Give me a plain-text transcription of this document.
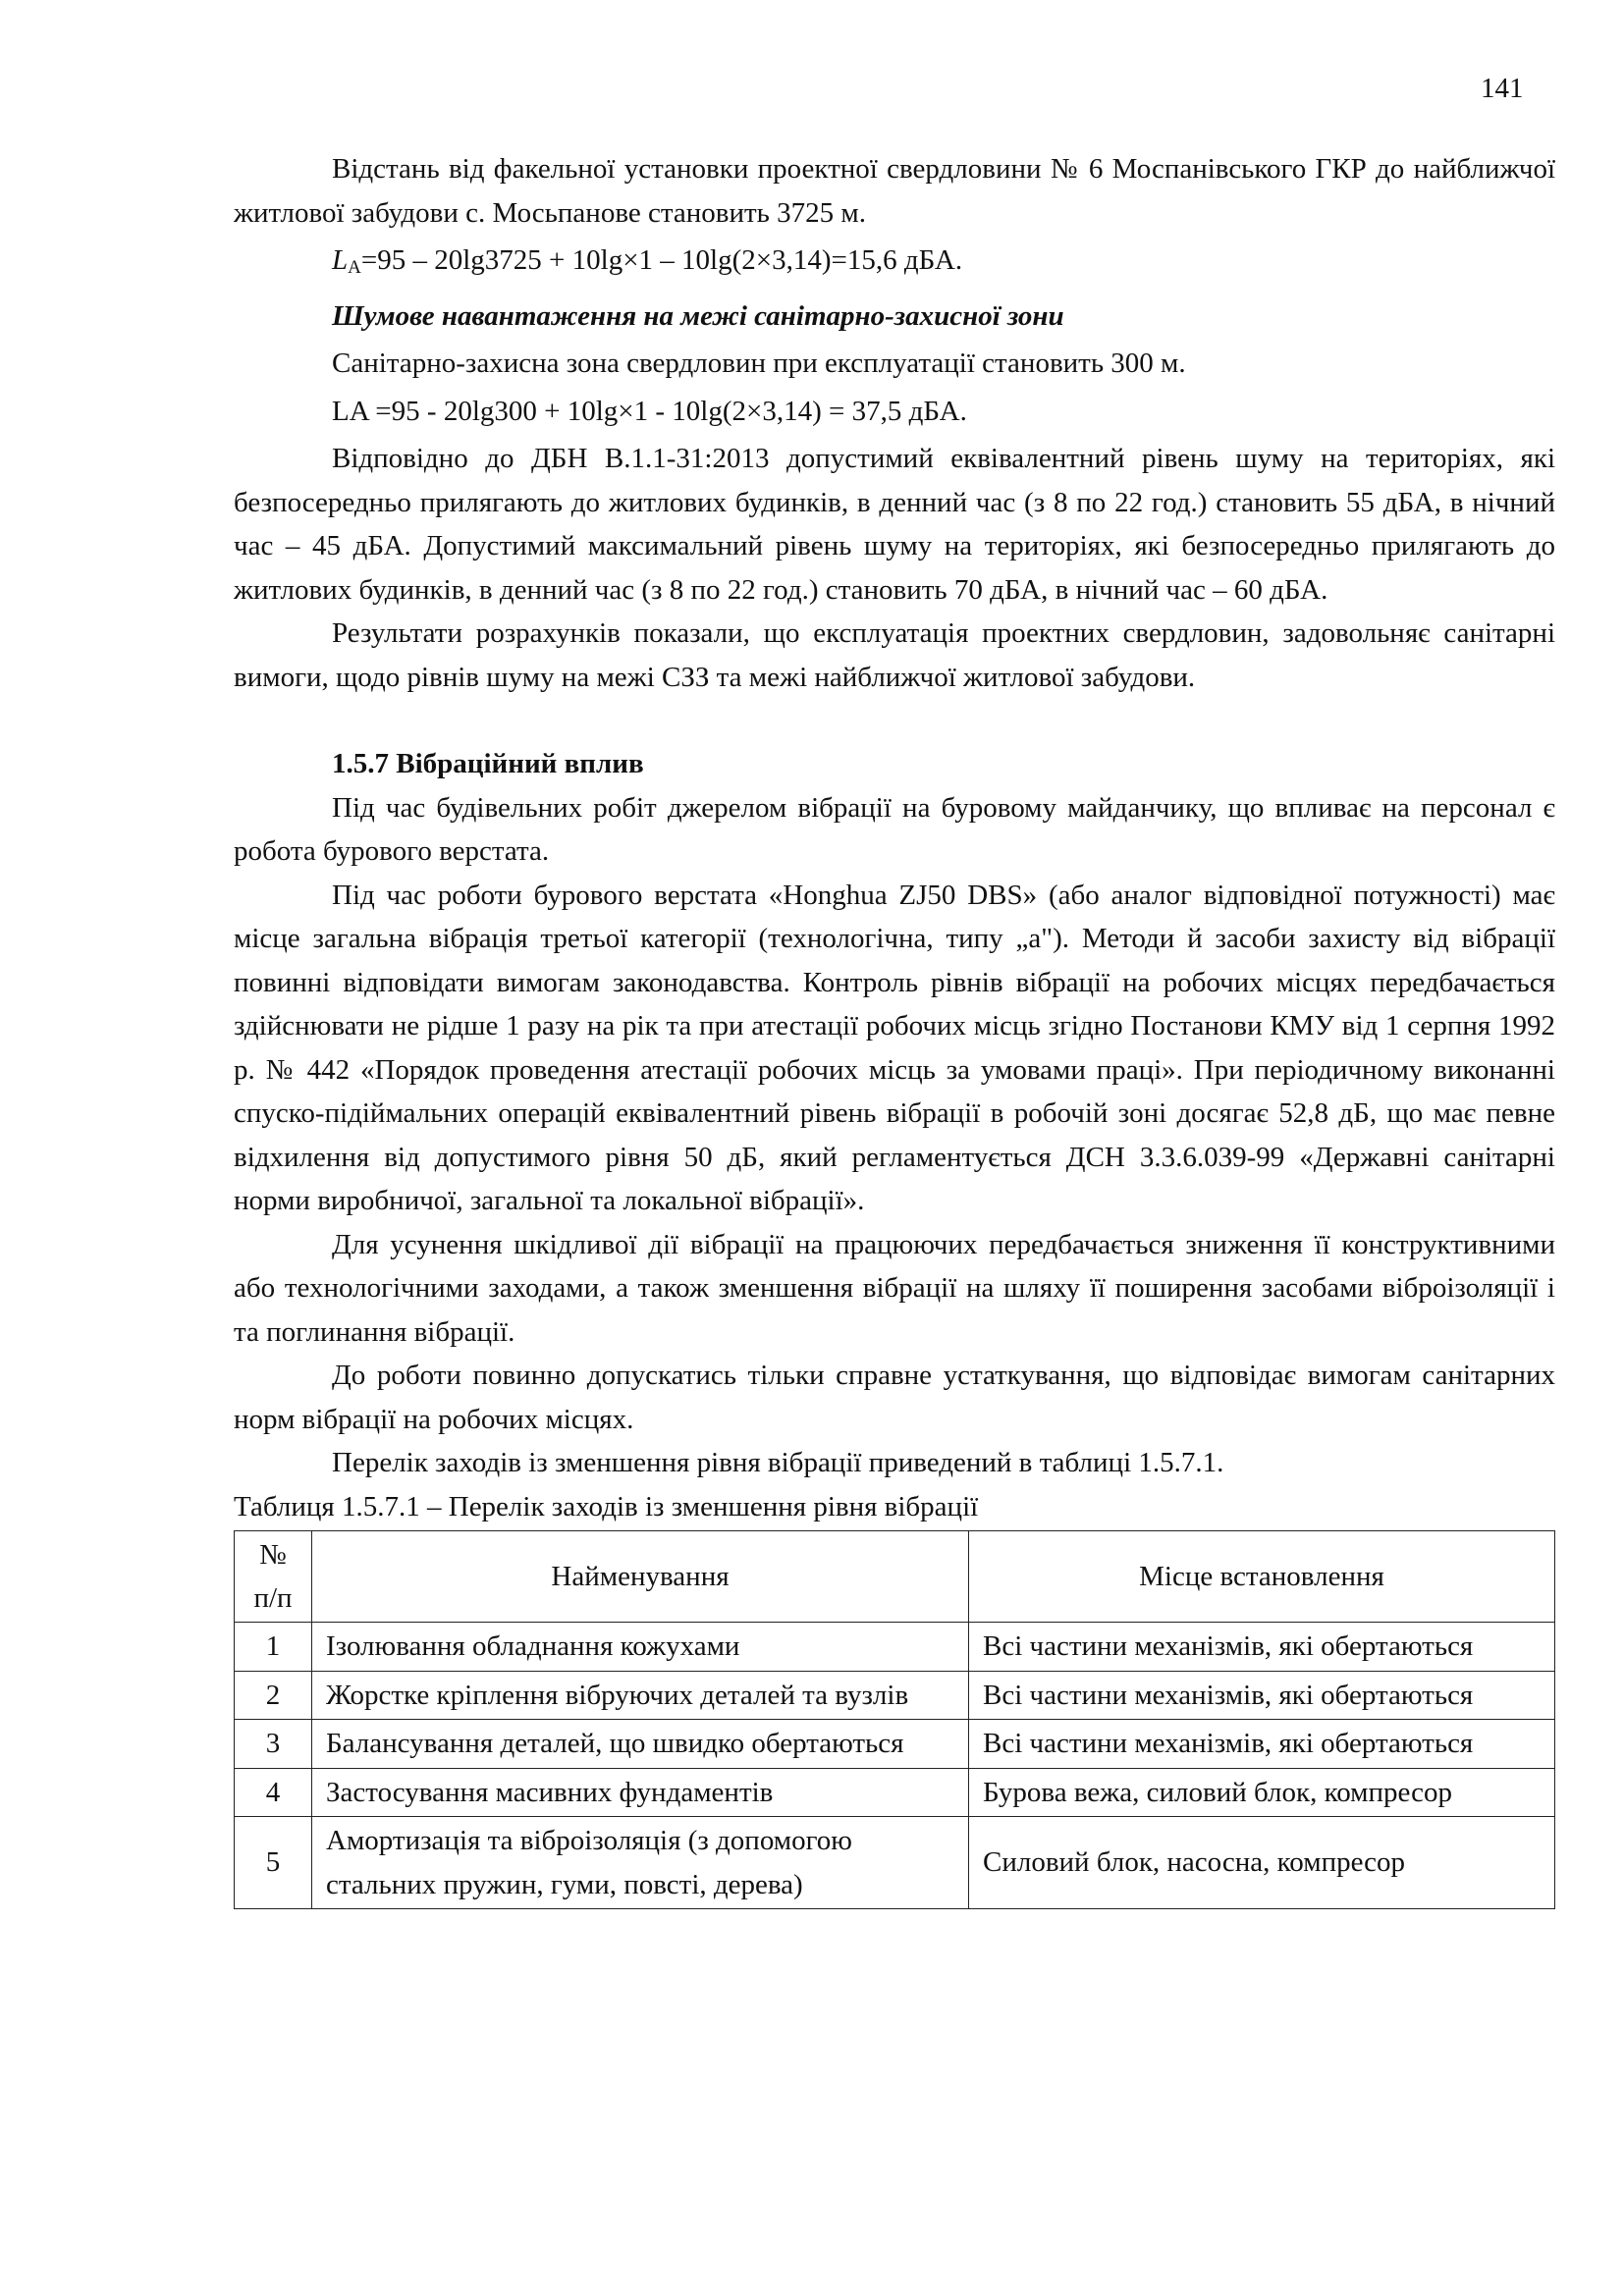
141

Відстань від факельної установки проектної свердловини № 6 Моспанівського ГКР до найближчої житлової забудови с. Мосьпанове становить 3725 м.

$L_A=95 - 20\lg 3725 + 10\lg\times 1 - 10\lg(2\times 3,14)=15,6$ дБА.

Шумове навантаження на межі санітарно-захисної зони

Санітарно-захисна зона свердловин при експлуатації становить 300 м.

LA =95 - 20lg300 + 10lg×1 - 10lg(2×3,14) = 37,5 дБА.

Відповідно до ДБН В.1.1-31:2013 допустимий еквівалентний рівень шуму на територіях, які безпосередньо прилягають до житлових будинків, в денний час (з 8 по 22 год.) становить 55 дБА, в нічний час – 45 дБА. Допустимий максимальний рівень шуму на територіях, які безпосередньо прилягають до житлових будинків, в денний час (з 8 по 22 год.) становить 70 дБА, в нічний час – 60 дБА.

Результати розрахунків показали, що експлуатація проектних свердловин, задовольняє санітарні вимоги, щодо рівнів шуму на межі СЗЗ та межі найближчої житлової забудови.

1.5.7 Вібраційний вплив

Під час будівельних робіт джерелом вібрації на буровому майданчику, що впливає на персонал є робота бурового верстата.

Під час роботи бурового верстата «Honghua ZJ50 DBS» (або аналог відповідної потужності) має місце загальна вібрація третьої категорії (технологічна, типу „а"). Методи й засоби захисту від вібрації повинні відповідати вимогам законодавства. Контроль рівнів вібрації на робочих місцях передбачається здійснювати не рідше 1 разу на рік та при атестації робочих місць згідно Постанови КМУ від 1 серпня 1992 р. № 442 «Порядок проведення атестації робочих місць за умовами праці». При періодичному виконанні спуско-підіймальних операцій еквівалентний рівень вібрації в робочій зоні досягає 52,8 дБ, що має певне відхилення від допустимого рівня 50 дБ, який регламентується ДСН 3.3.6.039-99 «Державні санітарні норми виробничої, загальної та локальної вібрації».

Для усунення шкідливої дії вібрації на працюючих передбачається зниження її конструктивними або технологічними заходами, а також зменшення вібрації на шляху її поширення засобами віброізоляції і та поглинання вібрації.

До роботи повинно допускатись тільки справне устаткування, що відповідає вимогам санітарних норм вібрації на робочих місцях.

Перелік заходів із зменшення рівня вібрації приведений в таблиці 1.5.7.1.

Таблиця 1.5.7.1 – Перелік заходів із зменшення рівня вібрації

№
п/п	Найменування	Місце встановлення
1	Ізолювання обладнання кожухами	Всі частини механізмів, які обертаються
2	Жорстке кріплення вібруючих деталей та вузлів	Всі частини механізмів, які обертаються
3	Балансування деталей, що швидко обертаються	Всі частини механізмів, які обертаються
4	Застосування масивних фундаментів	Бурова вежа, силовий блок, компресор
5	Амортизація та віброізоляція (з допомогою стальних пружин, гуми, повсті, дерева)	Силовий блок, насосна, компресор
